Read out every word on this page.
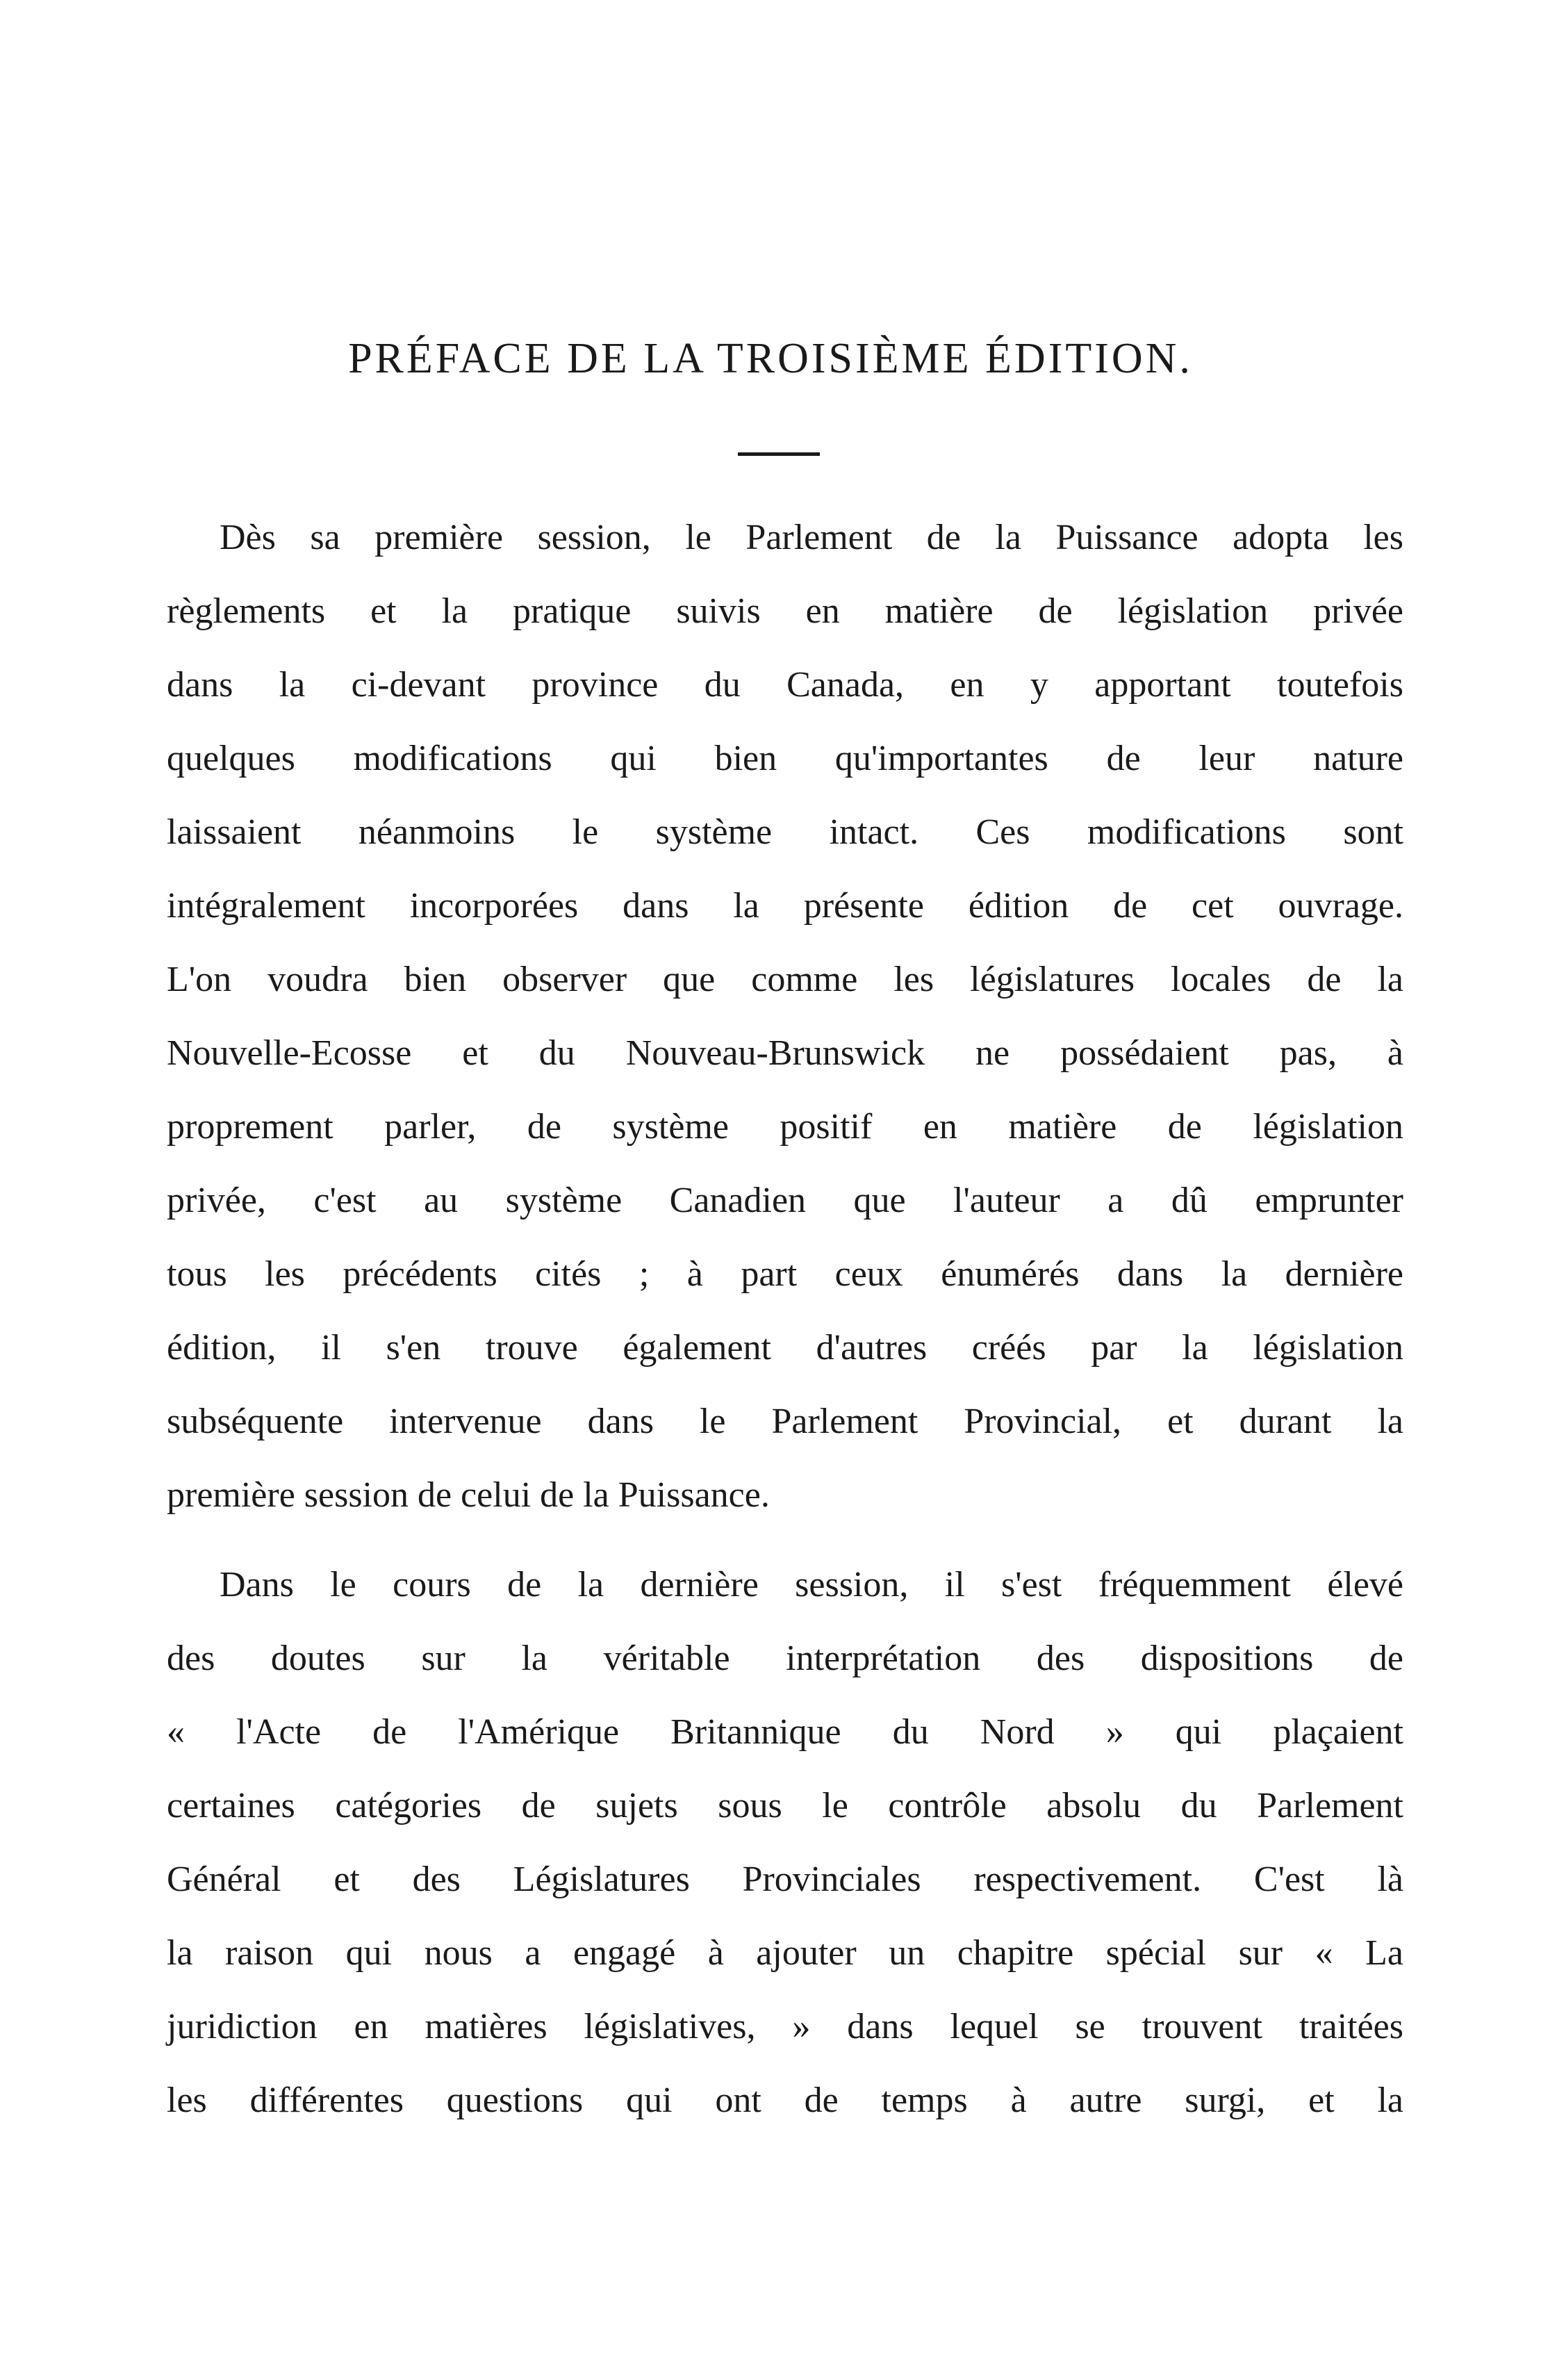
PRÉFACE DE LA TROISIÈME ÉDITION.
Dès sa première session, le Parlement de la Puissance adopta les
règlements et la pratique suivis en matière de législation privée
dans la ci-devant province du Canada, en y apportant toutefois
quelques modifications qui bien qu'importantes de leur nature
laissaient néanmoins le système intact. Ces modifications sont
intégralement incorporées dans la présente édition de cet ouvrage.
L'on voudra bien observer que comme les législatures locales de la
Nouvelle-Ecosse et du Nouveau-Brunswick ne possédaient pas, à
proprement parler, de système positif en matière de législation
privée, c'est au système Canadien que l'auteur a dû emprunter
tous les précédents cités ; à part ceux énumérés dans la dernière
édition, il s'en trouve également d'autres créés par la législation
subséquente intervenue dans le Parlement Provincial, et durant la
première session de celui de la Puissance.
Dans le cours de la dernière session, il s'est fréquemment élevé
des doutes sur la véritable interprétation des dispositions de
« l'Acte de l'Amérique Britannique du Nord » qui plaçaient
certaines catégories de sujets sous le contrôle absolu du Parlement
Général et des Législatures Provinciales respectivement. C'est là
la raison qui nous a engagé à ajouter un chapitre spécial sur « La
juridiction en matières législatives, » dans lequel se trouvent traitées
les différentes questions qui ont de temps à autre surgi, et la
